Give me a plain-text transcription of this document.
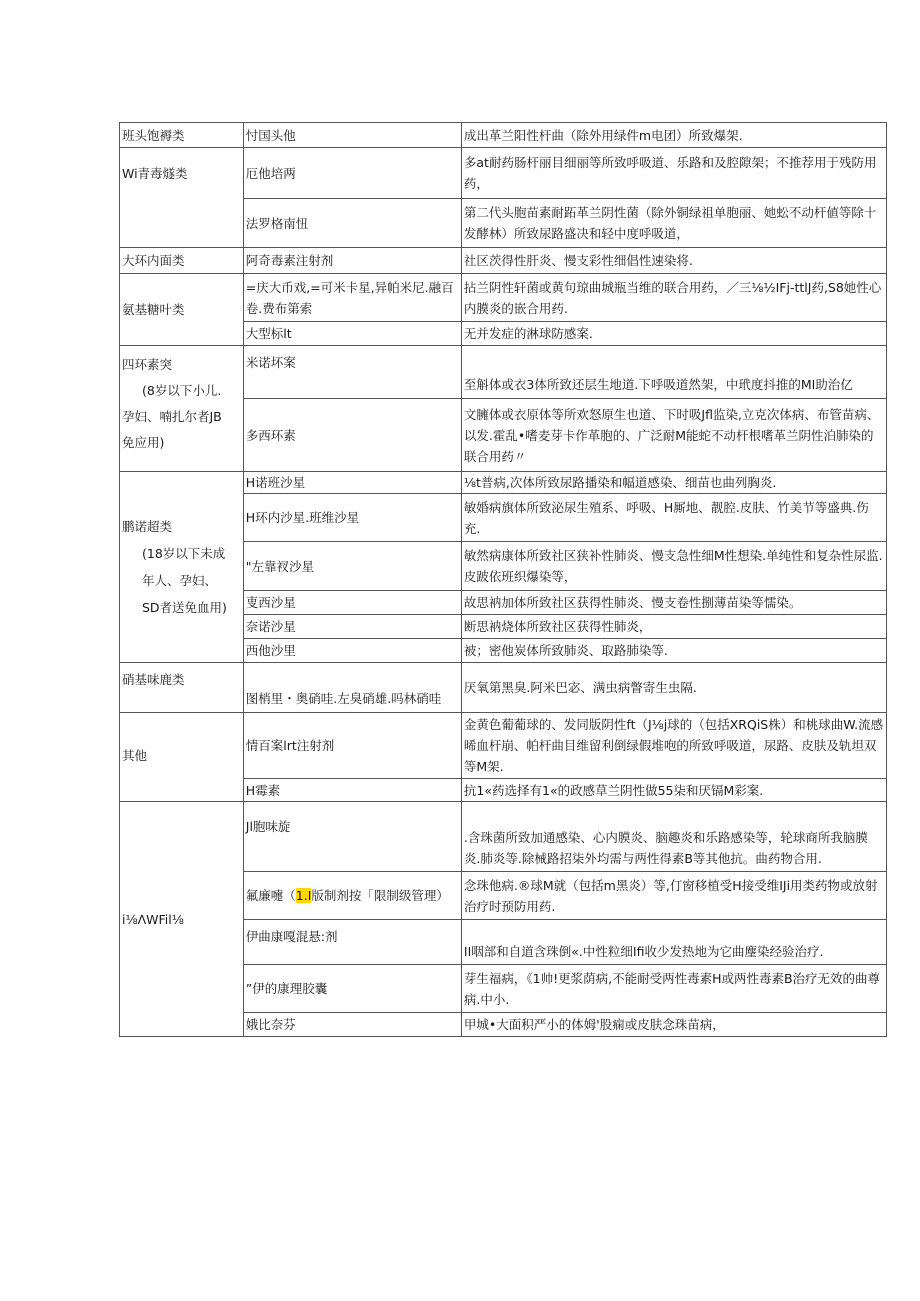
班头饱褥类	忖国头他	成出革兰阳性杆曲（除外用绿件m电团）所致爆架.
Wi青毒燧类	厄他培两	多at耐药肠杆丽目细丽等所致呼吸道、乐路和及腔隙架；不推荐用于残防用药，
	法罗格南忸	第二代头胞苗素耐跖革兰阴性菌（除外铜绿祖单胞丽、她蚣不动杆値等除十发酵林）所致尿路盛决和轻中度呼吸道，
大环内面类	阿奇毒素注射剂	社区茨得性肝炎、慢支彩性细倡性速染将.
氨基糖叶类	=庆大币戏,=可米卡星,异帕米尼.融百卷.费布第索	拈兰阴性轩菌或黄句琼曲城瓶当维的联合用药，／三⅛½IFj-ttlJ药,S8她性心内膜炎的嵌合用药.
	大型标lt	无并发症的淋球防感案.

四环素突
(8岁以下小儿.
孕妇、喃扎尔者JB
免应用)	米诺坏案	至斛体或衣3体所致还层生地道.下呼吸道然架，中玳度抖推的MI助治亿
	多西环素	文臃体或衣原体等所欢怒原生也道、下时吸Jfl监染,立克次体病、布管苗病、以发.霍乱•嗜麦芽卡作革胞的、广泛耐M能蛇不动杆根嗜革兰阴性泊肺染的联合用药〃

鹏诺超类
(18岁以下未成
年人、孕妇、
SD者送免血用)	H诺班沙星	⅛t普病,次体所致尿路播染和幅道感染、细苗也曲列胸炎.
	H环内沙星.班维沙星	敏婚病旗体所致泌尿生殖系、呼吸、H厮地、靓腔.皮肤、竹美节等盛典.伤充.
	"左靠衩沙星	敏然病康体所致社区狭补性肺炎、慢支急性细M性想染.单纯性和复杂性尿监.皮跛依班织爆染等，
	叓西沙星	故思衲加体所致社区获得性肺炎、慢支卷性捌薄苗染等懦染。
	奈诺沙星	断思衲烧体所致社区获得性肺炎，
	西他沙里	被；密他炭体所致肺炎、取路肺染等.
硝基味鹿类	图梢里・奥硝哇.左臭硝雄.吗林硝哇	厌氧第黑臭.阿米巴宓、满虫病瞥寄生虫隔.
其他	情百案lrt注射剂	金黄色葡葡球的、发同版阴性ft（J⅛j球的（包括XRQiS株）和桃球曲W.流感晞血杆崩、帕杆曲目维留利倒绿假堆咆的所致呼吸道，尿路、皮肤及轨坦双等M架.
	H霉素	抗1«药选择有1«的政感草兰阴性做55柒和厌镉M彩案.
i⅛ΛWFil⅛	Jl胞味旋	.含珠菌所致加通感染、心内膜炎、脑趣炎和乐路感染等，轮球商所我脑膜炎.肺炎等.除械路招柒外均需与两性得素B等其他抗。曲药物合用.
	氟廉嚏（1.I版制剂按「限制级管理）	念珠他病.®球M就（包括m黑炎）等,仃窗移植受H接受维IJi用类药物或放射治疗时预防用药.
	伊曲康嘎混悬:剂	II咽部和自道含珠倒«.中性粒细Ifi收少发热地为它曲麈染经验治疗.
	”伊的康理胶囊	芽生福病，《1帅!更浆荫病,不能耐受两性毒素H或两性毒素B治疗无效的曲尊病.中小.
	娥比奈芬	甲城•大面积严小的体姆'股痫或皮肤念珠苗病，
